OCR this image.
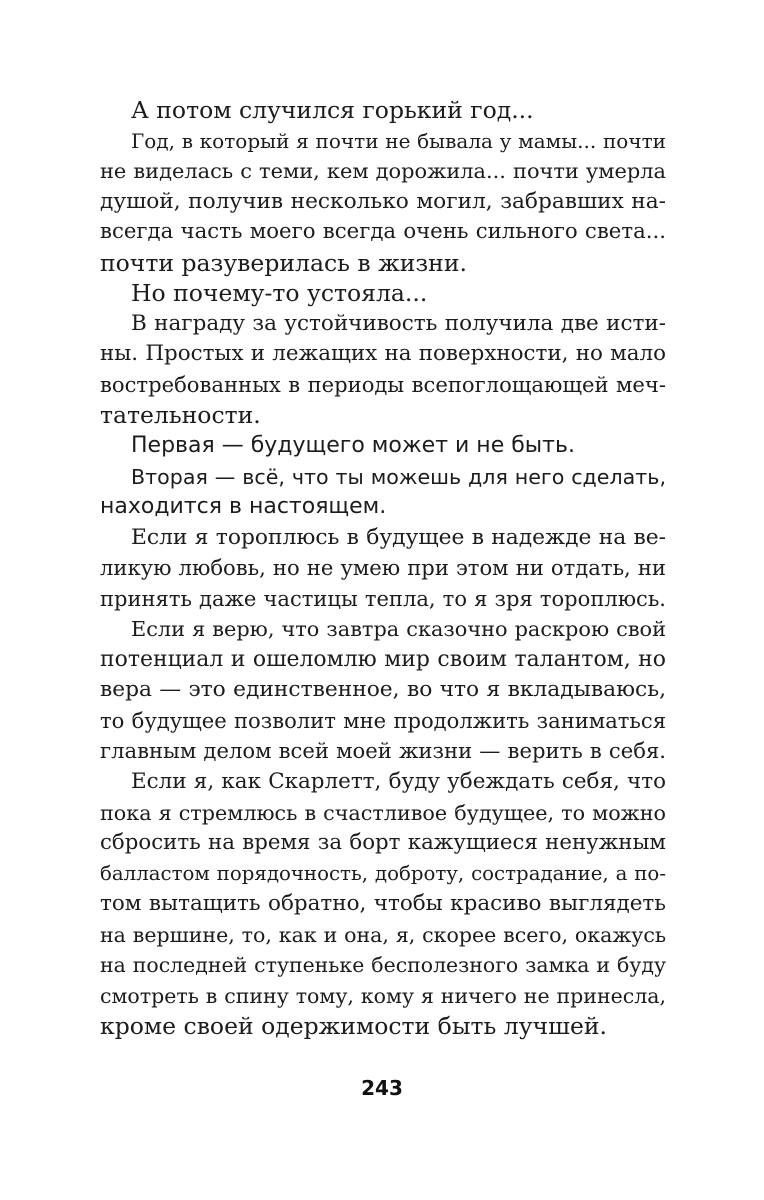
А потом случился горький год...
Год, в который я почти не бывала у мамы... почти
не виделась с теми, кем дорожила... почти умерла
душой, получив несколько могил, забравших на-
всегда часть моего всегда очень сильного света...
почти разуверилась в жизни.
Но почему-то устояла...
В награду за устойчивость получила две исти-
ны. Простых и лежащих на поверхности, но мало
востребованных в периоды всепоглощающей меч-
тательности.
Первая — будущего может и не быть.
Вторая — всё, что ты можешь для него сделать,
находится в настоящем.
Если я тороплюсь в будущее в надежде на ве-
ликую любовь, но не умею при этом ни отдать, ни
принять даже частицы тепла, то я зря тороплюсь.
Если я верю, что завтра сказочно раскрою свой
потенциал и ошеломлю мир своим талантом, но
вера — это единственное, во что я вкладываюсь,
то будущее позволит мне продолжить заниматься
главным делом всей моей жизни — верить в себя.
Если я, как Скарлетт, буду убеждать себя, что
пока я стремлюсь в счастливое будущее, то можно
сбросить на время за борт кажущиеся ненужным
балластом порядочность, доброту, сострадание, а по-
том вытащить обратно, чтобы красиво выглядеть
на вершине, то, как и она, я, скорее всего, окажусь
на последней ступеньке бесполезного замка и буду
смотреть в спину тому, кому я ничего не принесла,
кроме своей одержимости быть лучшей.
243
